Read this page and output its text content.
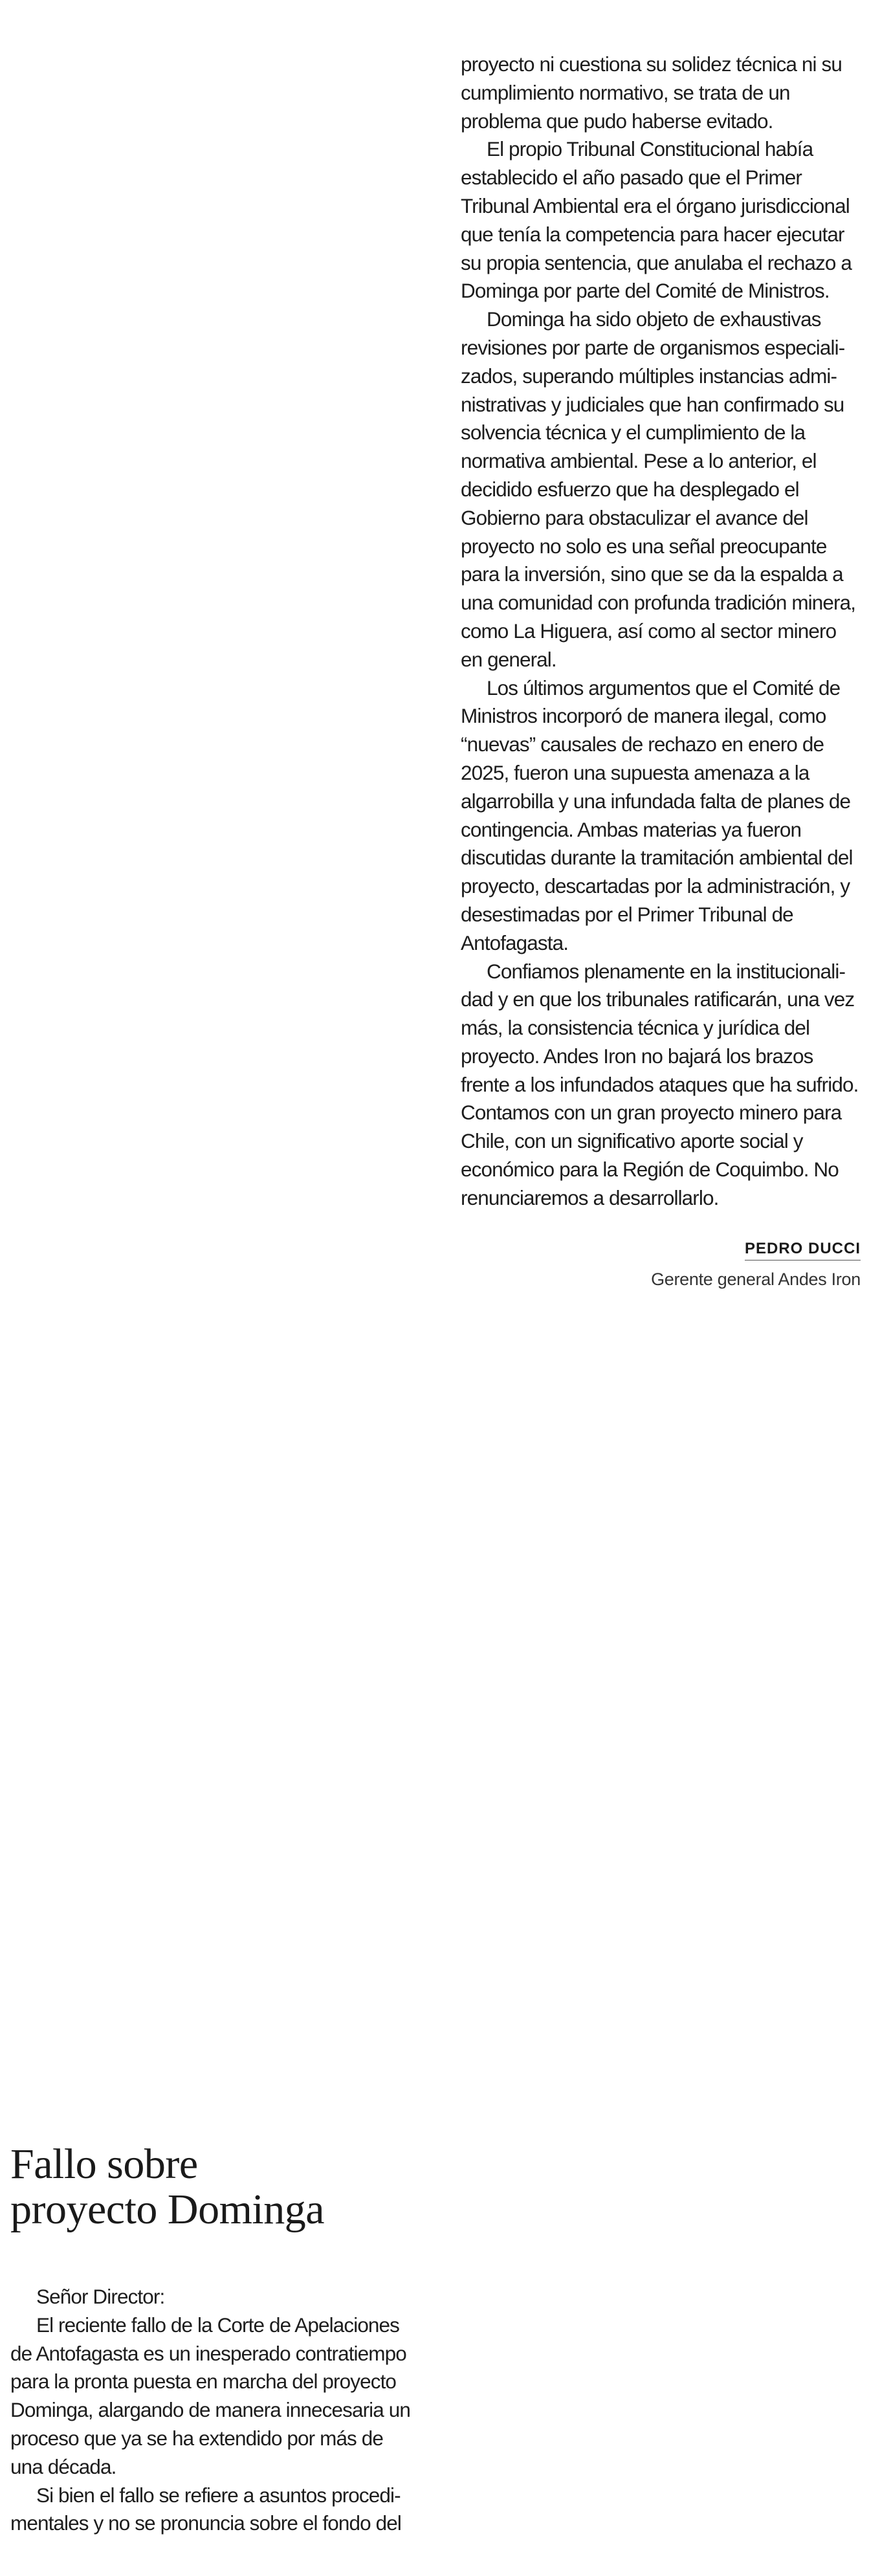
proyecto ni cuestiona su solidez técnica ni su cumplimiento normativo, se trata de un problema que pudo haberse evitado.

El propio Tribunal Constitucional había establecido el año pasado que el Primer Tribunal Ambiental era el órgano jurisdiccional que tenía la competencia para hacer ejecutar su propia sentencia, que anulaba el rechazo a Dominga por parte del Comité de Ministros.

Dominga ha sido objeto de exhaustivas revisiones por parte de organismos especializados, superando múltiples instancias administrativas y judiciales que han confirmado su solvencia técnica y el cumplimiento de la normativa ambiental. Pese a lo anterior, el decidido esfuerzo que ha desplegado el Gobierno para obstaculizar el avance del proyecto no solo es una señal preocupante para la inversión, sino que se da la espalda a una comunidad con profunda tradición minera, como La Higuera, así como al sector minero en general.

Los últimos argumentos que el Comité de Ministros incorporó de manera ilegal, como “nuevas” causales de rechazo en enero de 2025, fueron una supuesta amenaza a la algarrobilla y una infundada falta de planes de contingencia. Ambas materias ya fueron discutidas durante la tramitación ambiental del proyecto, descartadas por la administración, y desestimadas por el Primer Tribunal de Antofagasta.

Confiamos plenamente en la institucionalidad y en que los tribunales ratificarán, una vez más, la consistencia técnica y jurídica del proyecto. Andes Iron no bajará los brazos frente a los infundados ataques que ha sufrido. Contamos con un gran proyecto minero para Chile, con un significativo aporte social y económico para la Región de Coquimbo. No renunciaremos a desarrollarlo.

PEDRO DUCCI
Gerente general Andes Iron
Fallo sobre
proyecto Dominga

Señor Director:

El reciente fallo de la Corte de Apelaciones de Antofagasta es un inesperado contratiempo para la pronta puesta en marcha del proyecto Dominga, alargando de manera innecesaria un proceso que ya se ha extendido por más de una década.

Si bien el fallo se refiere a asuntos procedimentales y no se pronuncia sobre el fondo del
